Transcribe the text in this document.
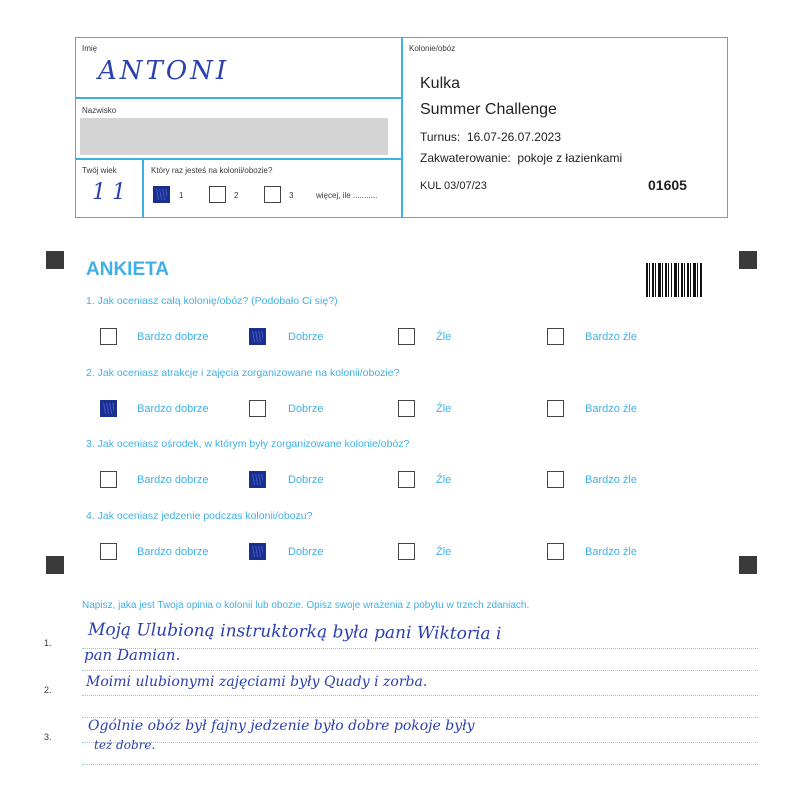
Imię
ANTONI
Nazwisko
Twój wiek
11
Który raz jesteś na kolonii/obozie?
1	2	3	więcej, ile ...........
Kolonie/obóz
Kulka
Summer Challenge
Turnus: 16.07-26.07.2023
Zakwaterowanie: pokoje z łazienkami
KUL 03/07/23	01605
ANKIETA
1. Jak oceniasz całą kolonię/obóz? (Podobało Ci się?)
2. Jak oceniasz atrakcje i zajęcia zorganizowane na kolonii/obozie?
3. Jak oceniasz ośrodek, w którym były zorganizowane kolonie/obóz?
4. Jak oceniasz jedzenie podczas kolonii/obozu?
Bardzo dobrze	Dobrze	Źle	Bardzo źle
Bardzo dobrze	Dobrze	Źle	Bardzo źle
Bardzo dobrze	Dobrze	Źle	Bardzo źle
Bardzo dobrze	Dobrze	Źle	Bardzo źle
Napisz, jaka jest Twoja opinia o kolonii lub obozie. Opisz swoje wrażenia z pobytu w trzech zdaniach.
1.
2.
3.
Moją Ulubioną instruktorką była pani Wiktoria i
pan Damian.
Moimi ulubionymi zajęciami były Quady i zorba.
Ogólnie obóz był fajny jedzenie było dobre pokoje były
też dobre.
